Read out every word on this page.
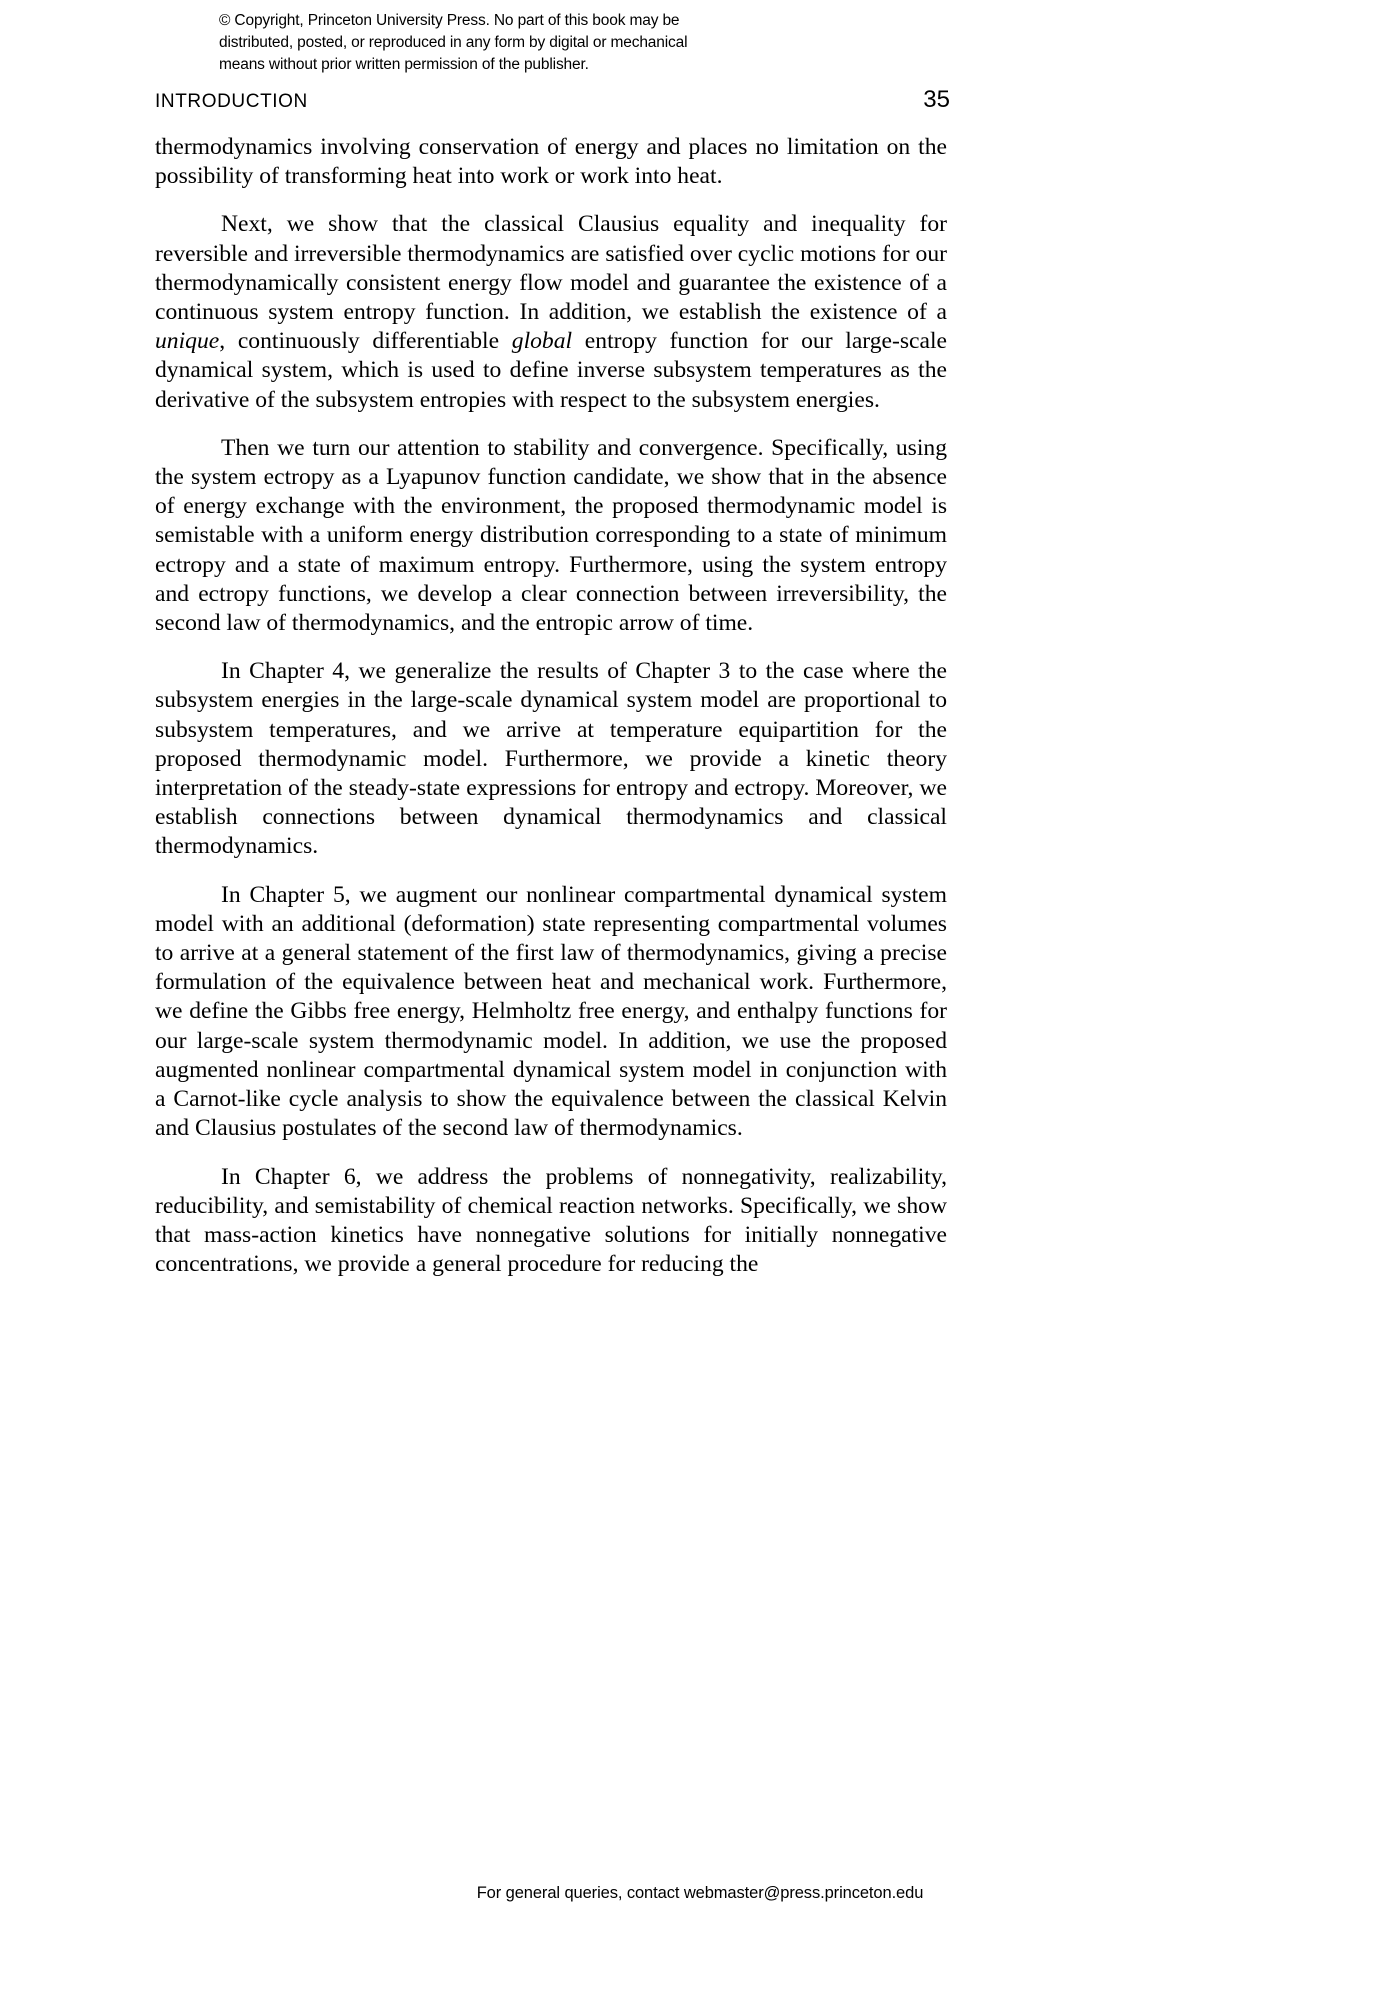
© Copyright, Princeton University Press. No part of this book may be
distributed, posted, or reproduced in any form by digital or mechanical
means without prior written permission of the publisher.
INTRODUCTION	35

thermodynamics involving conservation of energy and places no limitation on the possibility of transforming heat into work or work into heat.

Next, we show that the classical Clausius equality and inequality for reversible and irreversible thermodynamics are satisfied over cyclic motions for our thermodynamically consistent energy flow model and guarantee the existence of a continuous system entropy function. In addition, we establish the existence of a unique, continuously differentiable global entropy function for our large-scale dynamical system, which is used to define inverse subsystem temperatures as the derivative of the subsystem entropies with respect to the subsystem energies.

Then we turn our attention to stability and convergence. Specifically, using the system ectropy as a Lyapunov function candidate, we show that in the absence of energy exchange with the environment, the proposed thermodynamic model is semistable with a uniform energy distribution corresponding to a state of minimum ectropy and a state of maximum entropy. Furthermore, using the system entropy and ectropy functions, we develop a clear connection between irreversibility, the second law of thermodynamics, and the entropic arrow of time.

In Chapter 4, we generalize the results of Chapter 3 to the case where the subsystem energies in the large-scale dynamical system model are proportional to subsystem temperatures, and we arrive at temperature equipartition for the proposed thermodynamic model. Furthermore, we provide a kinetic theory interpretation of the steady-state expressions for entropy and ectropy. Moreover, we establish connections between dynamical thermodynamics and classical thermodynamics.

In Chapter 5, we augment our nonlinear compartmental dynamical system model with an additional (deformation) state representing compartmental volumes to arrive at a general statement of the first law of thermodynamics, giving a precise formulation of the equivalence between heat and mechanical work. Furthermore, we define the Gibbs free energy, Helmholtz free energy, and enthalpy functions for our large-scale system thermodynamic model. In addition, we use the proposed augmented nonlinear compartmental dynamical system model in conjunction with a Carnot-like cycle analysis to show the equivalence between the classical Kelvin and Clausius postulates of the second law of thermodynamics.

In Chapter 6, we address the problems of nonnegativity, realizability, reducibility, and semistability of chemical reaction networks. Specifically, we show that mass-action kinetics have nonnegative solutions for initially nonnegative concentrations, we provide a general procedure for reducing the

For general queries, contact webmaster@press.princeton.edu
